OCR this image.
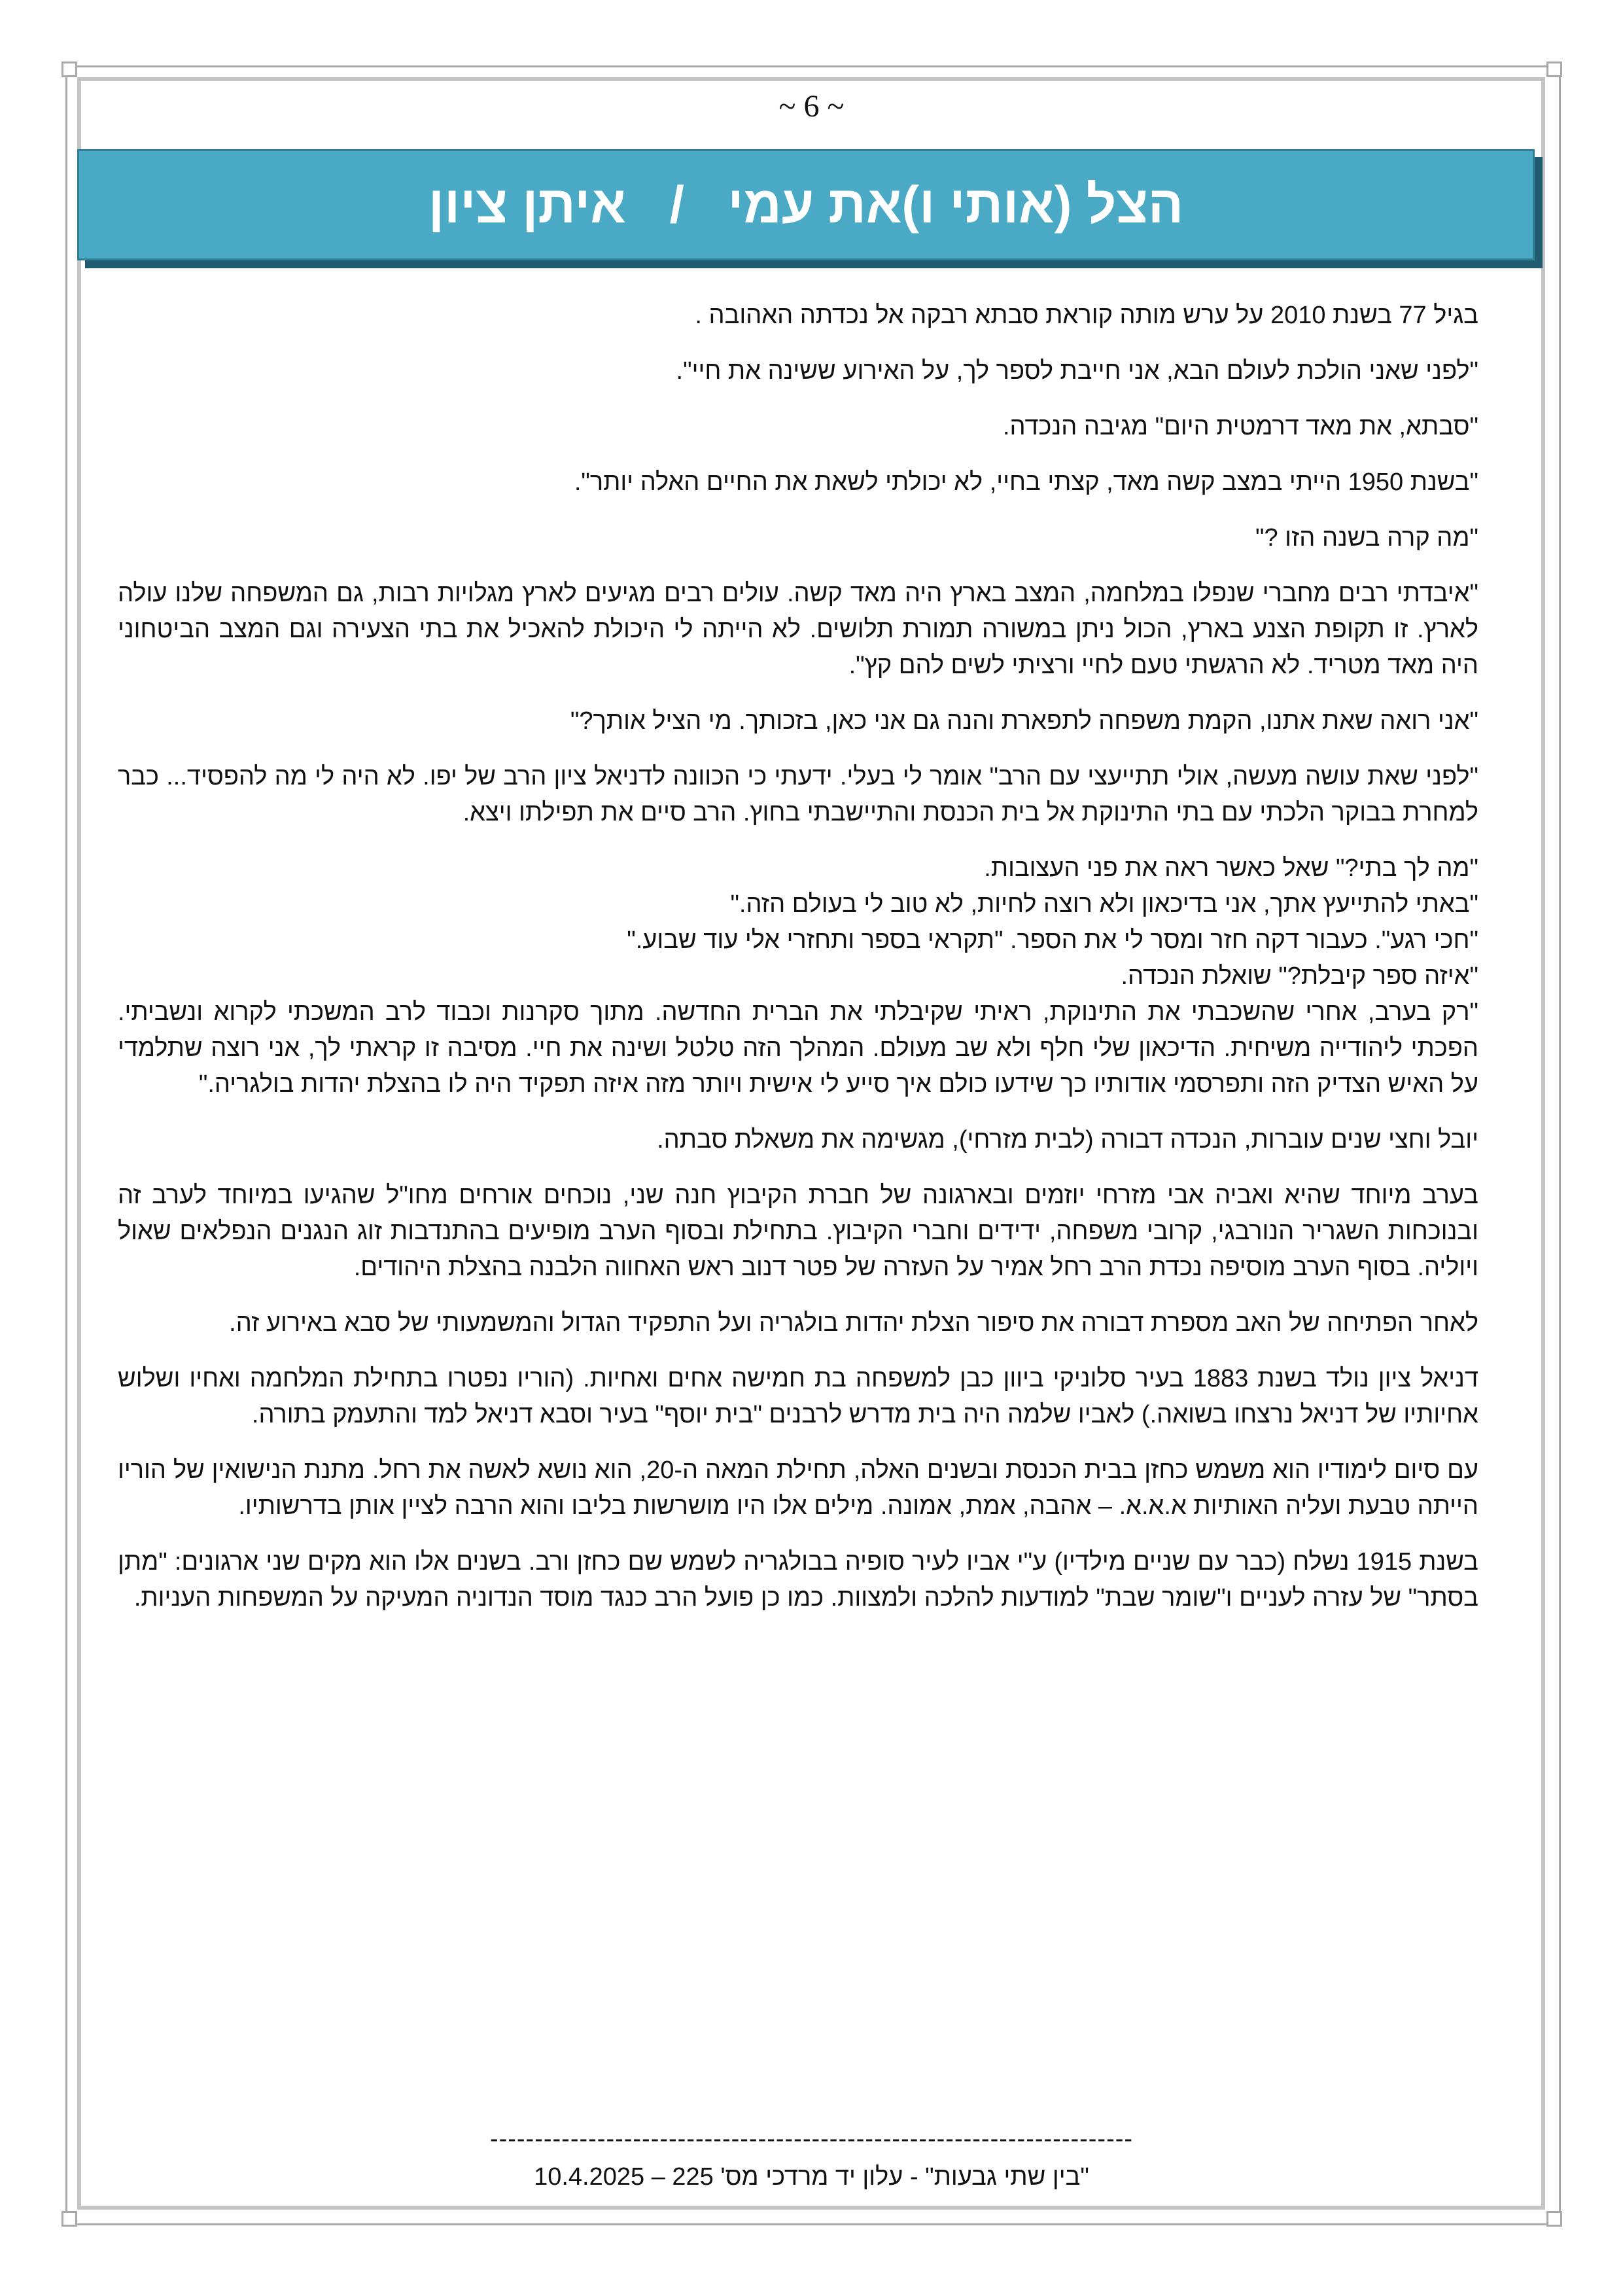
~ 6 ~
הצל (אותי ו)את עמי   /   איתן ציון

בגיל 77 בשנת 2010 על ערש מותה קוראת סבתא רבקה אל נכדתה האהובה .

"לפני שאני הולכת לעולם הבא, אני חייבת לספר לך, על האירוע ששינה את חיי".

"סבתא, את מאד דרמטית היום" מגיבה הנכדה.

"בשנת 1950 הייתי במצב קשה מאד, קצתי בחיי, לא יכולתי לשאת את החיים האלה יותר".

"מה קרה בשנה הזו ?"

"איבדתי רבים מחברי שנפלו במלחמה, המצב בארץ היה מאד קשה. עולים רבים מגיעים לארץ מגלויות רבות, גם המשפחה שלנו עולה לארץ. זו תקופת הצנע בארץ, הכול ניתן במשורה תמורת תלושים. לא הייתה לי היכולת להאכיל את בתי הצעירה וגם המצב הביטחוני היה מאד מטריד. לא הרגשתי טעם לחיי ורציתי לשים להם קץ".

"אני רואה שאת אתנו, הקמת משפחה לתפארת והנה גם אני כאן, בזכותך. מי הציל אותך?"

"לפני שאת עושה מעשה, אולי תתייעצי עם הרב" אומר לי בעלי. ידעתי כי הכוונה לדניאל ציון הרב של יפו. לא היה לי מה להפסיד... כבר למחרת בבוקר הלכתי עם בתי התינוקת אל בית הכנסת והתיישבתי בחוץ. הרב סיים את תפילתו ויצא.

"מה לך בתי?" שאל כאשר ראה את פני העצובות.

"באתי להתייעץ אתך, אני בדיכאון ולא רוצה לחיות, לא טוב לי בעולם הזה."

"חכי רגע". כעבור דקה חזר ומסר לי את הספר. "תקראי בספר ותחזרי אלי עוד שבוע."

"איזה ספר קיבלת?" שואלת הנכדה.

"רק בערב, אחרי שהשכבתי את התינוקת, ראיתי שקיבלתי את הברית החדשה. מתוך סקרנות וכבוד לרב המשכתי לקרוא ונשביתי. הפכתי ליהודייה משיחית. הדיכאון שלי חלף ולא שב מעולם. המהלך הזה טלטל ושינה את חיי. מסיבה זו קראתי לך, אני רוצה שתלמדי על האיש הצדיק הזה ותפרסמי אודותיו כך שידעו כולם איך סייע לי אישית ויותר מזה איזה תפקיד היה לו בהצלת יהדות בולגריה."

יובל וחצי שנים עוברות, הנכדה דבורה (לבית מזרחי), מגשימה את משאלת סבתה.

בערב מיוחד שהיא ואביה אבי מזרחי יוזמים ובארגונה של חברת הקיבוץ חנה שני, נוכחים אורחים מחו"ל שהגיעו במיוחד לערב זה ובנוכחות השגריר הנורבגי, קרובי משפחה, ידידים וחברי הקיבוץ. בתחילת ובסוף הערב מופיעים בהתנדבות זוג הנגנים הנפלאים שאול ויוליה. בסוף הערב מוסיפה נכדת הרב רחל אמיר על העזרה של פטר דנוב ראש האחווה הלבנה בהצלת היהודים.

לאחר הפתיחה של האב מספרת דבורה את סיפור הצלת יהדות בולגריה ועל התפקיד הגדול והמשמעותי של סבא באירוע זה.

דניאל ציון נולד בשנת 1883 בעיר סלוניקי ביוון כבן למשפחה בת חמישה אחים ואחיות. (הוריו נפטרו בתחילת המלחמה ואחיו ושלוש אחיותיו של דניאל נרצחו בשואה.) לאביו שלמה היה בית מדרש לרבנים "בית יוסף" בעיר וסבא דניאל למד והתעמק בתורה.

עם סיום לימודיו הוא משמש כחזן בבית הכנסת ובשנים האלה, תחילת המאה ה-20, הוא נושא לאשה את רחל. מתנת הנישואין של הוריו הייתה טבעת ועליה האותיות א.א.א. – אהבה, אמת, אמונה. מילים אלו היו מושרשות בליבו והוא הרבה לציין אותן בדרשותיו.

בשנת 1915 נשלח (כבר עם שניים מילדיו) ע"י אביו לעיר סופיה בבולגריה לשמש שם כחזן ורב. בשנים אלו הוא מקים שני ארגונים: "מתן בסתר" של עזרה לעניים ו"שומר שבת" למודעות להלכה ולמצוות. כמו כן פועל הרב כנגד מוסד הנדוניה המעיקה על המשפחות העניות.

------------------------------------------------------------------------
"בין שתי גבעות" - עלון יד מרדכי מס' 225 – 10.4.2025
